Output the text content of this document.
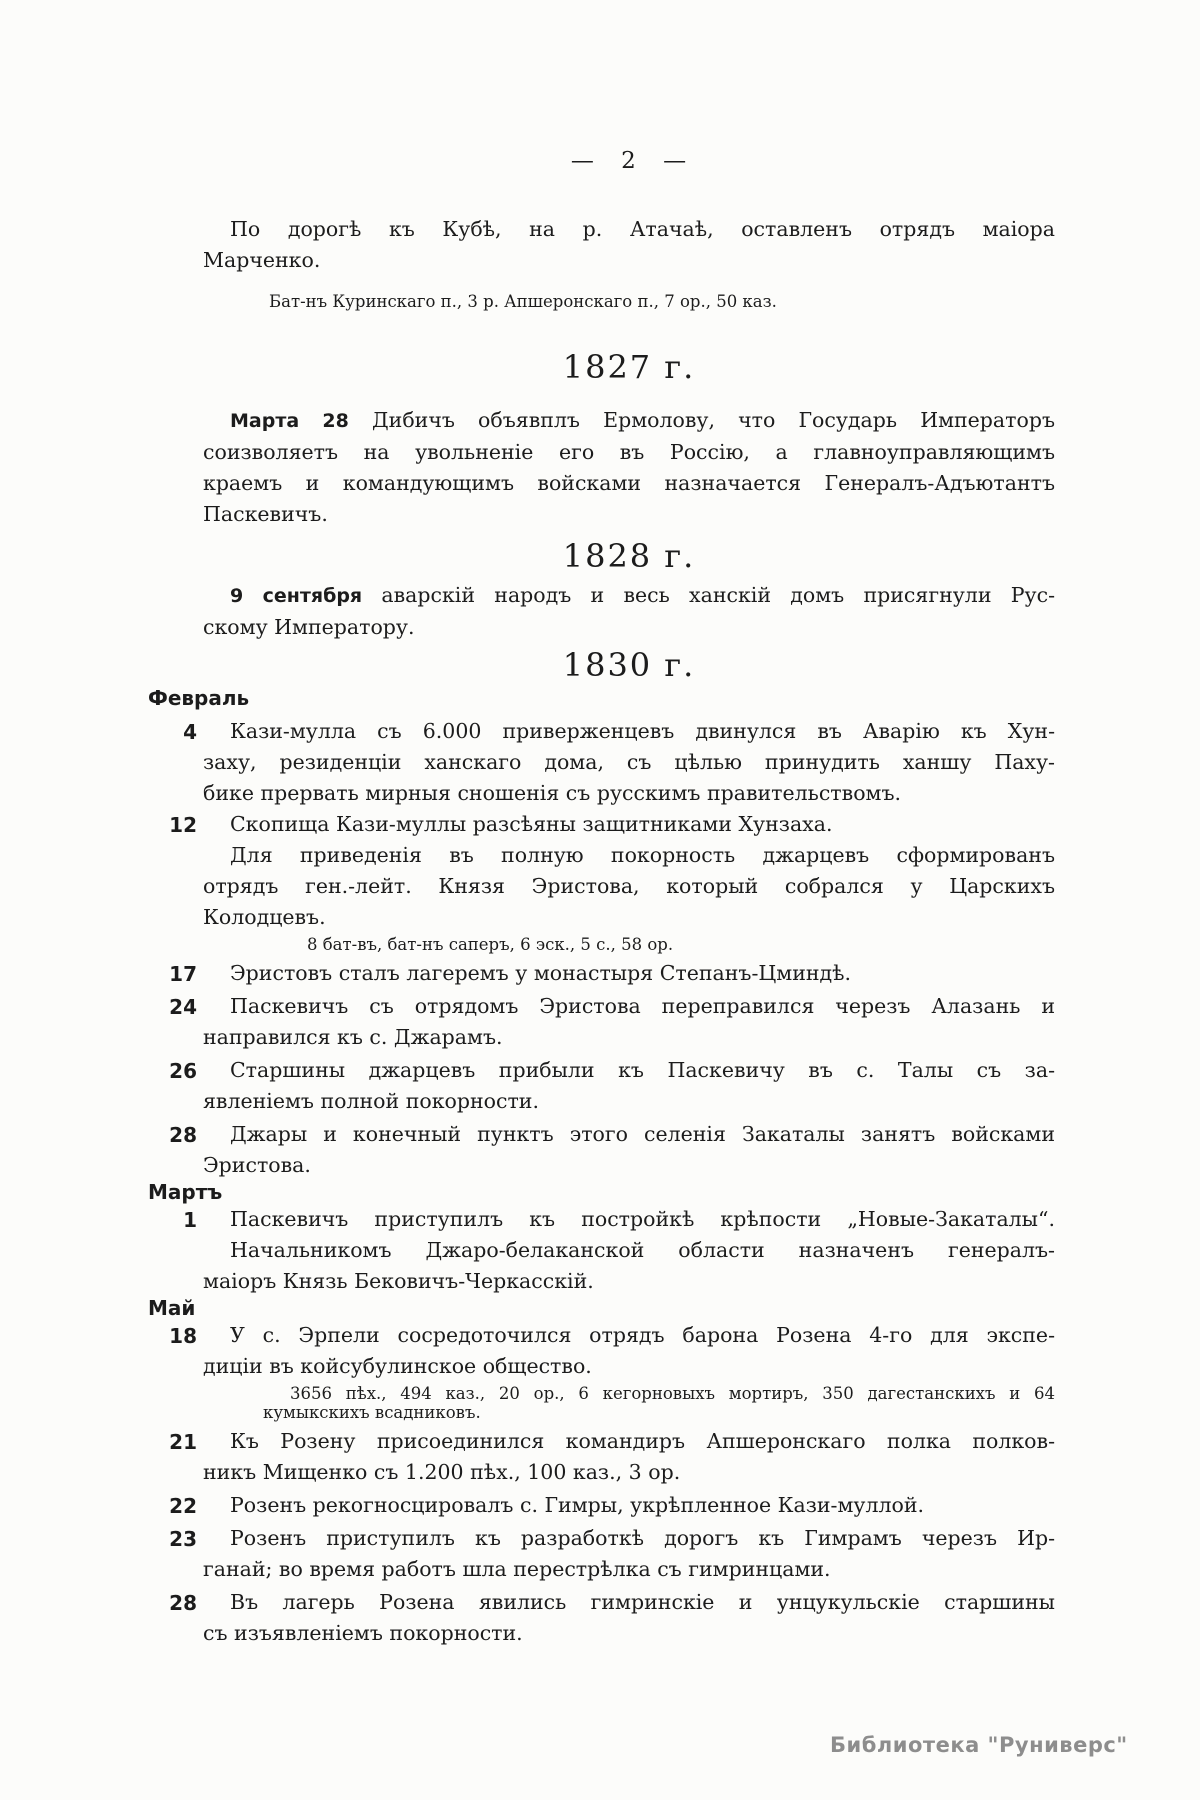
— 2 —
По дорогѣ къ Кубѣ, на р. Атачаѣ, оставленъ отрядъ маіора
Марченко.
Бат-нъ Куринскаго п., 3 р. Апшеронскаго п., 7 ор., 50 каз.
1827 г.
Марта 28 Дибичъ объявплъ Ермолову, что Государь Императоръ
соизволяетъ на увольненіе его въ Россію, а главноуправляющимъ
краемъ и командующимъ войсками назначается Генералъ-Адъютантъ
Паскевичъ.
1828 г.
9 сентября аварскій народъ и весь ханскій домъ присягнули Рус-
скому Императору.
1830 г.
Февраль
4	Кази-мулла съ 6.000 приверженцевъ двинулся въ Аварію къ Хун-
заху, резиденціи ханскаго дома, съ цѣлью принудить ханшу Паху-
бике прервать мирныя сношенія съ русскимъ правительствомъ.
12	Скопища Кази-муллы разсѣяны защитниками Хунзаха.
Для приведенія въ полную покорность джарцевъ сформированъ
отрядъ ген.-лейт. Князя Эристова, который собрался у Царскихъ
Колодцевъ.
8 бат-въ, бат-нъ саперъ, 6 эск., 5 с., 58 ор.
17	Эристовъ сталъ лагеремъ у монастыря Степанъ-Цминдѣ.
24	Паскевичъ съ отрядомъ Эристова переправился черезъ Алазань и
направился къ с. Джарамъ.
26	Старшины джарцевъ прибыли къ Паскевичу въ с. Талы съ за-
явленіемъ полной покорности.
28	Джары и конечный пунктъ этого селенія Закаталы занятъ войсками
Эристова.
Мартъ
1	Паскевичъ приступилъ къ постройкѣ крѣпости „Новые-Закаталы“.
Начальникомъ Джаро-белаканской области назначенъ генералъ-
маіоръ Князь Бековичъ-Черкасскій.
Май
18	У с. Эрпели сосредоточился отрядъ барона Розена 4-го для экспе-
диціи въ койсубулинское общество.
3656 пѣх., 494 каз., 20 ор., 6 кегорновыхъ мортиръ, 350 дагестанскихъ и 64
кумыкскихъ всадниковъ.
21	Къ Розену присоединился командиръ Апшеронскаго полка полков-
никъ Мищенко съ 1.200 пѣх., 100 каз., 3 ор.
22	Розенъ рекогносцировалъ с. Гимры, укрѣпленное Кази-муллой.
23	Розенъ приступилъ къ разработкѣ дорогъ къ Гимрамъ черезъ Ир-
ганай; во время работъ шла перестрѣлка съ гимринцами.
28	Въ лагерь Розена явились гимринскіе и унцукульскіе старшины
съ изъявленіемъ покорности.
Библиотека "Руниверс"
